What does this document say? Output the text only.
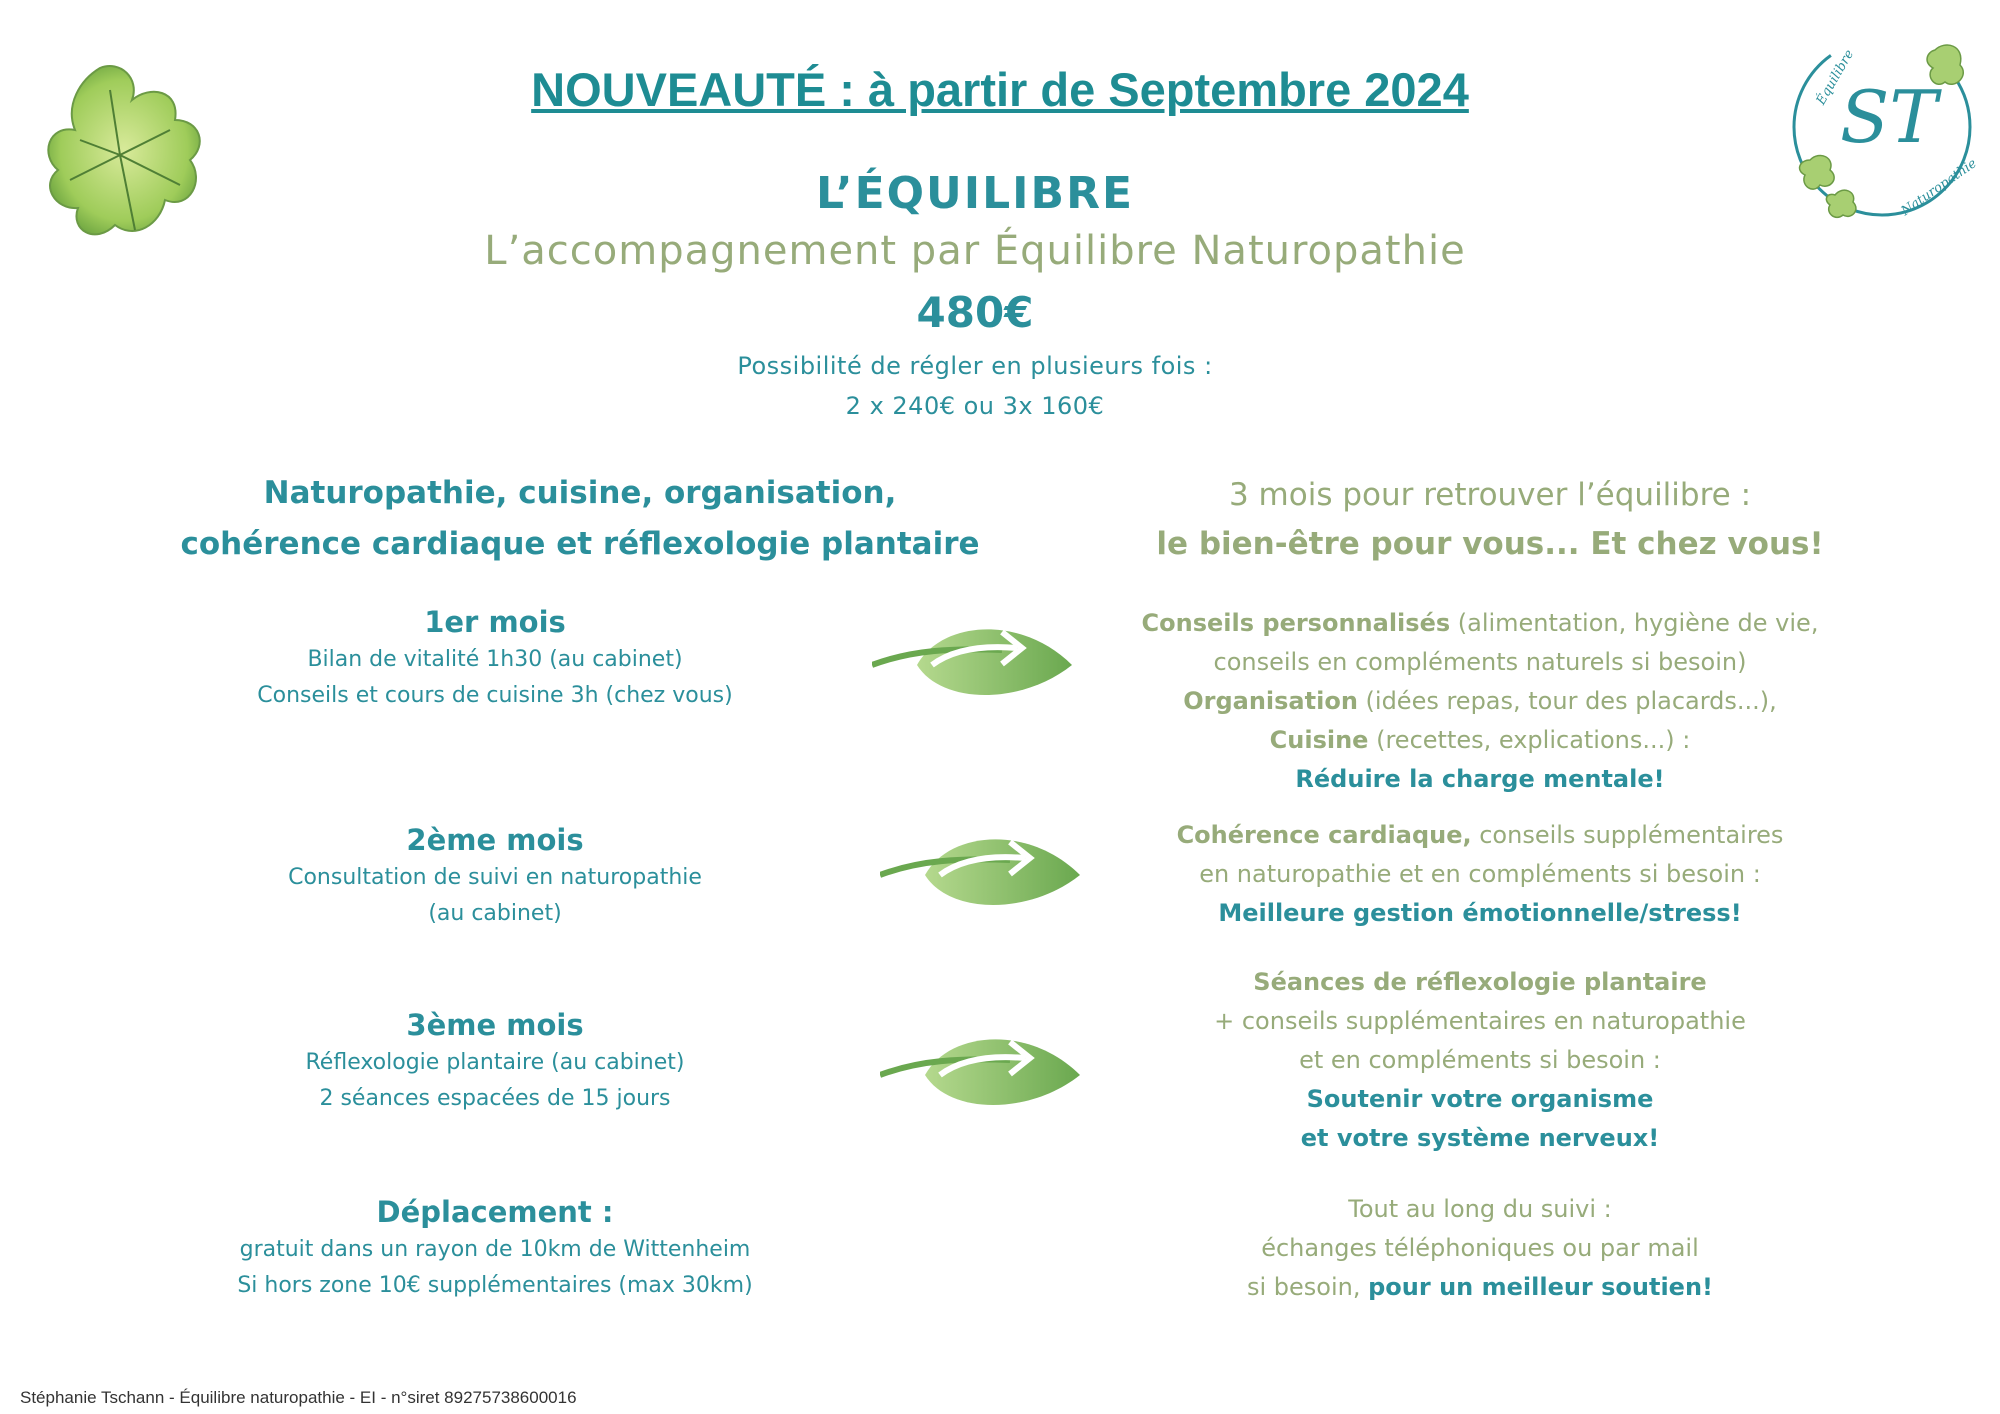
ST
Équilibre
Naturopathie
NOUVEAUTÉ : à partir de Septembre 2024
L’ÉQUILIBRE
L’accompagnement par Équilibre Naturopathie
480€
Possibilité de régler en plusieurs fois :
2 x 240€ ou 3x 160€
Naturopathie, cuisine, organisation,
cohérence cardiaque et réflexologie plantaire
3 mois pour retrouver l’équilibre :
le bien-être pour vous... Et chez vous!
1er mois
Bilan de vitalité 1h30 (au cabinet)
Conseils et cours de cuisine 3h (chez vous)
2ème mois
Consultation de suivi en naturopathie
(au cabinet)
3ème mois
Réflexologie plantaire (au cabinet)
2 séances espacées de 15 jours
Déplacement :
gratuit dans un rayon de 10km de Wittenheim
Si hors zone 10€ supplémentaires (max 30km)
Conseils personnalisés (alimentation, hygiène de vie,
conseils en compléments naturels si besoin)
Organisation (idées repas, tour des placards...),
Cuisine (recettes, explications...) :
Réduire la charge mentale!
Cohérence cardiaque, conseils supplémentaires
en naturopathie et en compléments si besoin :
Meilleure gestion émotionnelle/stress!
Séances de réflexologie plantaire
+ conseils supplémentaires en naturopathie
et en compléments si besoin :
Soutenir votre organisme
et votre système nerveux!
Tout au long du suivi :
échanges téléphoniques ou par mail
si besoin, pour un meilleur soutien!
Stéphanie Tschann - Équilibre naturopathie - EI - n°siret 89275738600016
